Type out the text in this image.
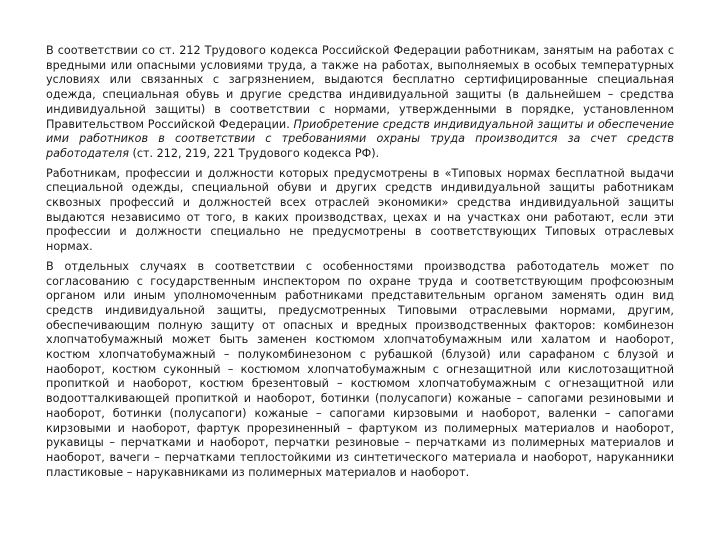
В соответствии со ст. 212 Трудового кодекса Российской Федерации работникам, занятым на работах с вредными или опасными условиями труда, а также на работах, выполняемых в особых температурных условиях или связанных с загрязнением, выдаются бесплатно сертифицированные специальная одежда, специальная обувь и другие средства индивидуальной защиты (в дальнейшем – средства индивидуальной защиты) в соответствии с нормами, утвержденными в порядке, установленном Правительством Российской Федерации. Приобретение средств индивидуальной защиты и обеспечение ими работников в соответствии с требованиями охраны труда производится за счет средств работодателя (ст. 212, 219, 221 Трудового кодекса РФ).

Работникам, профессии и должности которых предусмотрены в «Типовых нормах бесплатной выдачи специальной одежды, специальной обуви и других средств индивидуальной защиты работникам сквозных профессий и должностей всех отраслей экономики» средства индивидуальной защиты выдаются независимо от того, в каких производствах, цехах и на участках они работают, если эти профессии и должности специально не предусмотрены в соответствующих Типовых отраслевых нормах.

В отдельных случаях в соответствии с особенностями производства работодатель может по согласованию с государственным инспектором по охране труда и соответствующим профсоюзным органом или иным уполномоченным работниками представительным органом заменять один вид средств индивидуальной защиты, предусмотренных Типовыми отраслевыми нормами, другим, обеспечивающим полную защиту от опасных и вредных производственных факторов: комбинезон хлопчатобумажный может быть заменен костюмом хлопчатобумажным или халатом и наоборот, костюм хлопчатобумажный – полукомбинезоном с рубашкой (блузой) или сарафаном с блузой и наоборот, костюм суконный – костюмом хлопчатобумажным с огнезащитной или кислотозащитной пропиткой и наоборот, костюм брезентовый – костюмом хлопчатобумажным с огнезащитной или водоотталкивающей пропиткой и наоборот, ботинки (полусапоги) кожаные – сапогами резиновыми и наоборот, ботинки (полусапоги) кожаные – сапогами кирзовыми и наоборот, валенки – сапогами кирзовыми и наоборот, фартук прорезиненный – фартуком из полимерных материалов и наоборот, рукавицы – перчатками и наоборот, перчатки резиновые – перчатками из полимерных материалов и наоборот, вачеги – перчатками теплостойкими из синтетического материала и наоборот, наруканники пластиковые – нарукавниками из полимерных материалов и наоборот.
